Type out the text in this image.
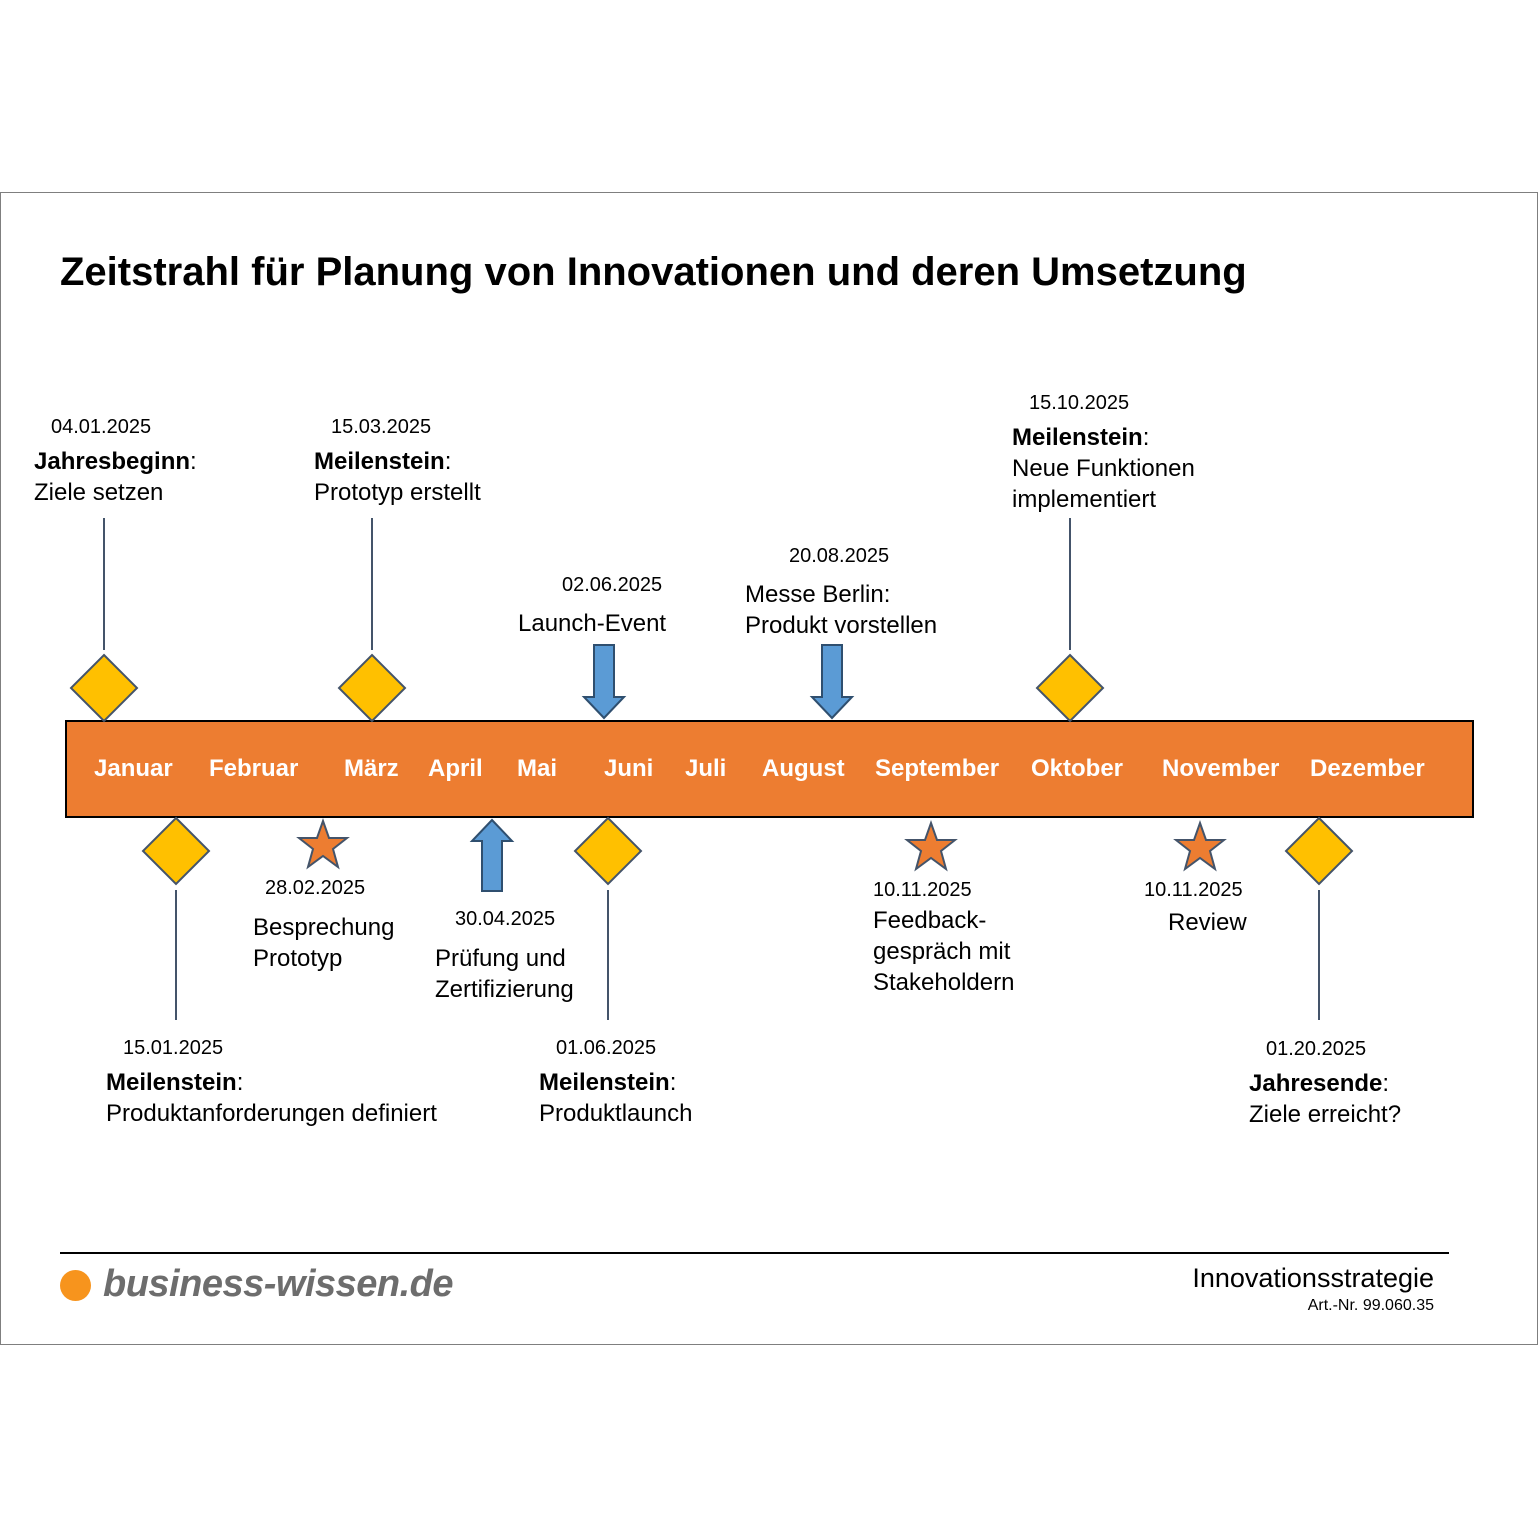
Zeitstrahl für Planung von Innovationen und deren Umsetzung
Januar Februar März April Mai Juni Juli August September Oktober November Dezember
04.01.2025
Jahresbeginn:
Ziele setzen
15.03.2025
Meilenstein:
Prototyp erstellt
02.06.2025
Launch-Event
20.08.2025
Messe Berlin:
Produkt vorstellen
15.10.2025
Meilenstein:
Neue Funktionen
implementiert
28.02.2025
Besprechung
Prototyp
30.04.2025
Prüfung und
Zertifizierung
10.11.2025
Feedback-
gespräch mit
Stakeholdern
10.11.2025
Review
15.01.2025
Meilenstein:
Produktanforderungen definiert
01.06.2025
Meilenstein:
Produktlaunch
01.20.2025
Jahresende:
Ziele erreicht?
business-wissen.de	Innovationsstrategie
Art.-Nr. 99.060.35
